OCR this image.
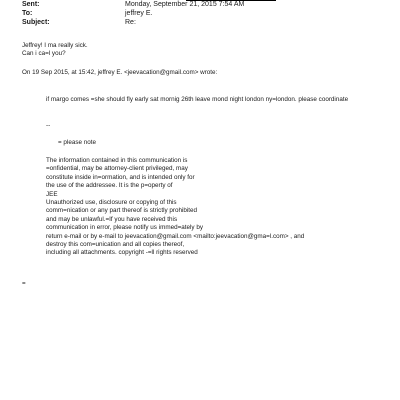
Sent:	Monday, September 21, 2015 7:54 AM
To:	jeffrey E.
Subject:	Re:

Jeffrey! I ma really sick.

Can i ca=l you?

On 19 Sep 2015, at 15:42, jeffrey E. <jeevacation@gmail.com> wrote:
if margo comes =she should fly early sat mornig 26th leave mond night london ny=london. please coordinate
--
= please note

The information contained in this communication is

=onfidential, may be attorney-client privileged, may

constitute inside in=ormation, and is intended only for

the use of the addressee. It is the p=operty of

JEE

Unauthorized use, disclosure or copying of this

comm=nication or any part thereof is strictly prohibited

and may be unlawful.=If you have received this

communication in error, please notify us immed=ately by

return e-mail or by e-mail to jeevacation@gmail.com <mailto:jeevacation@gma=l.com> , and

destroy this com=unication and all copies thereof,

including all attachments. copyright -=ll rights reserved

=
